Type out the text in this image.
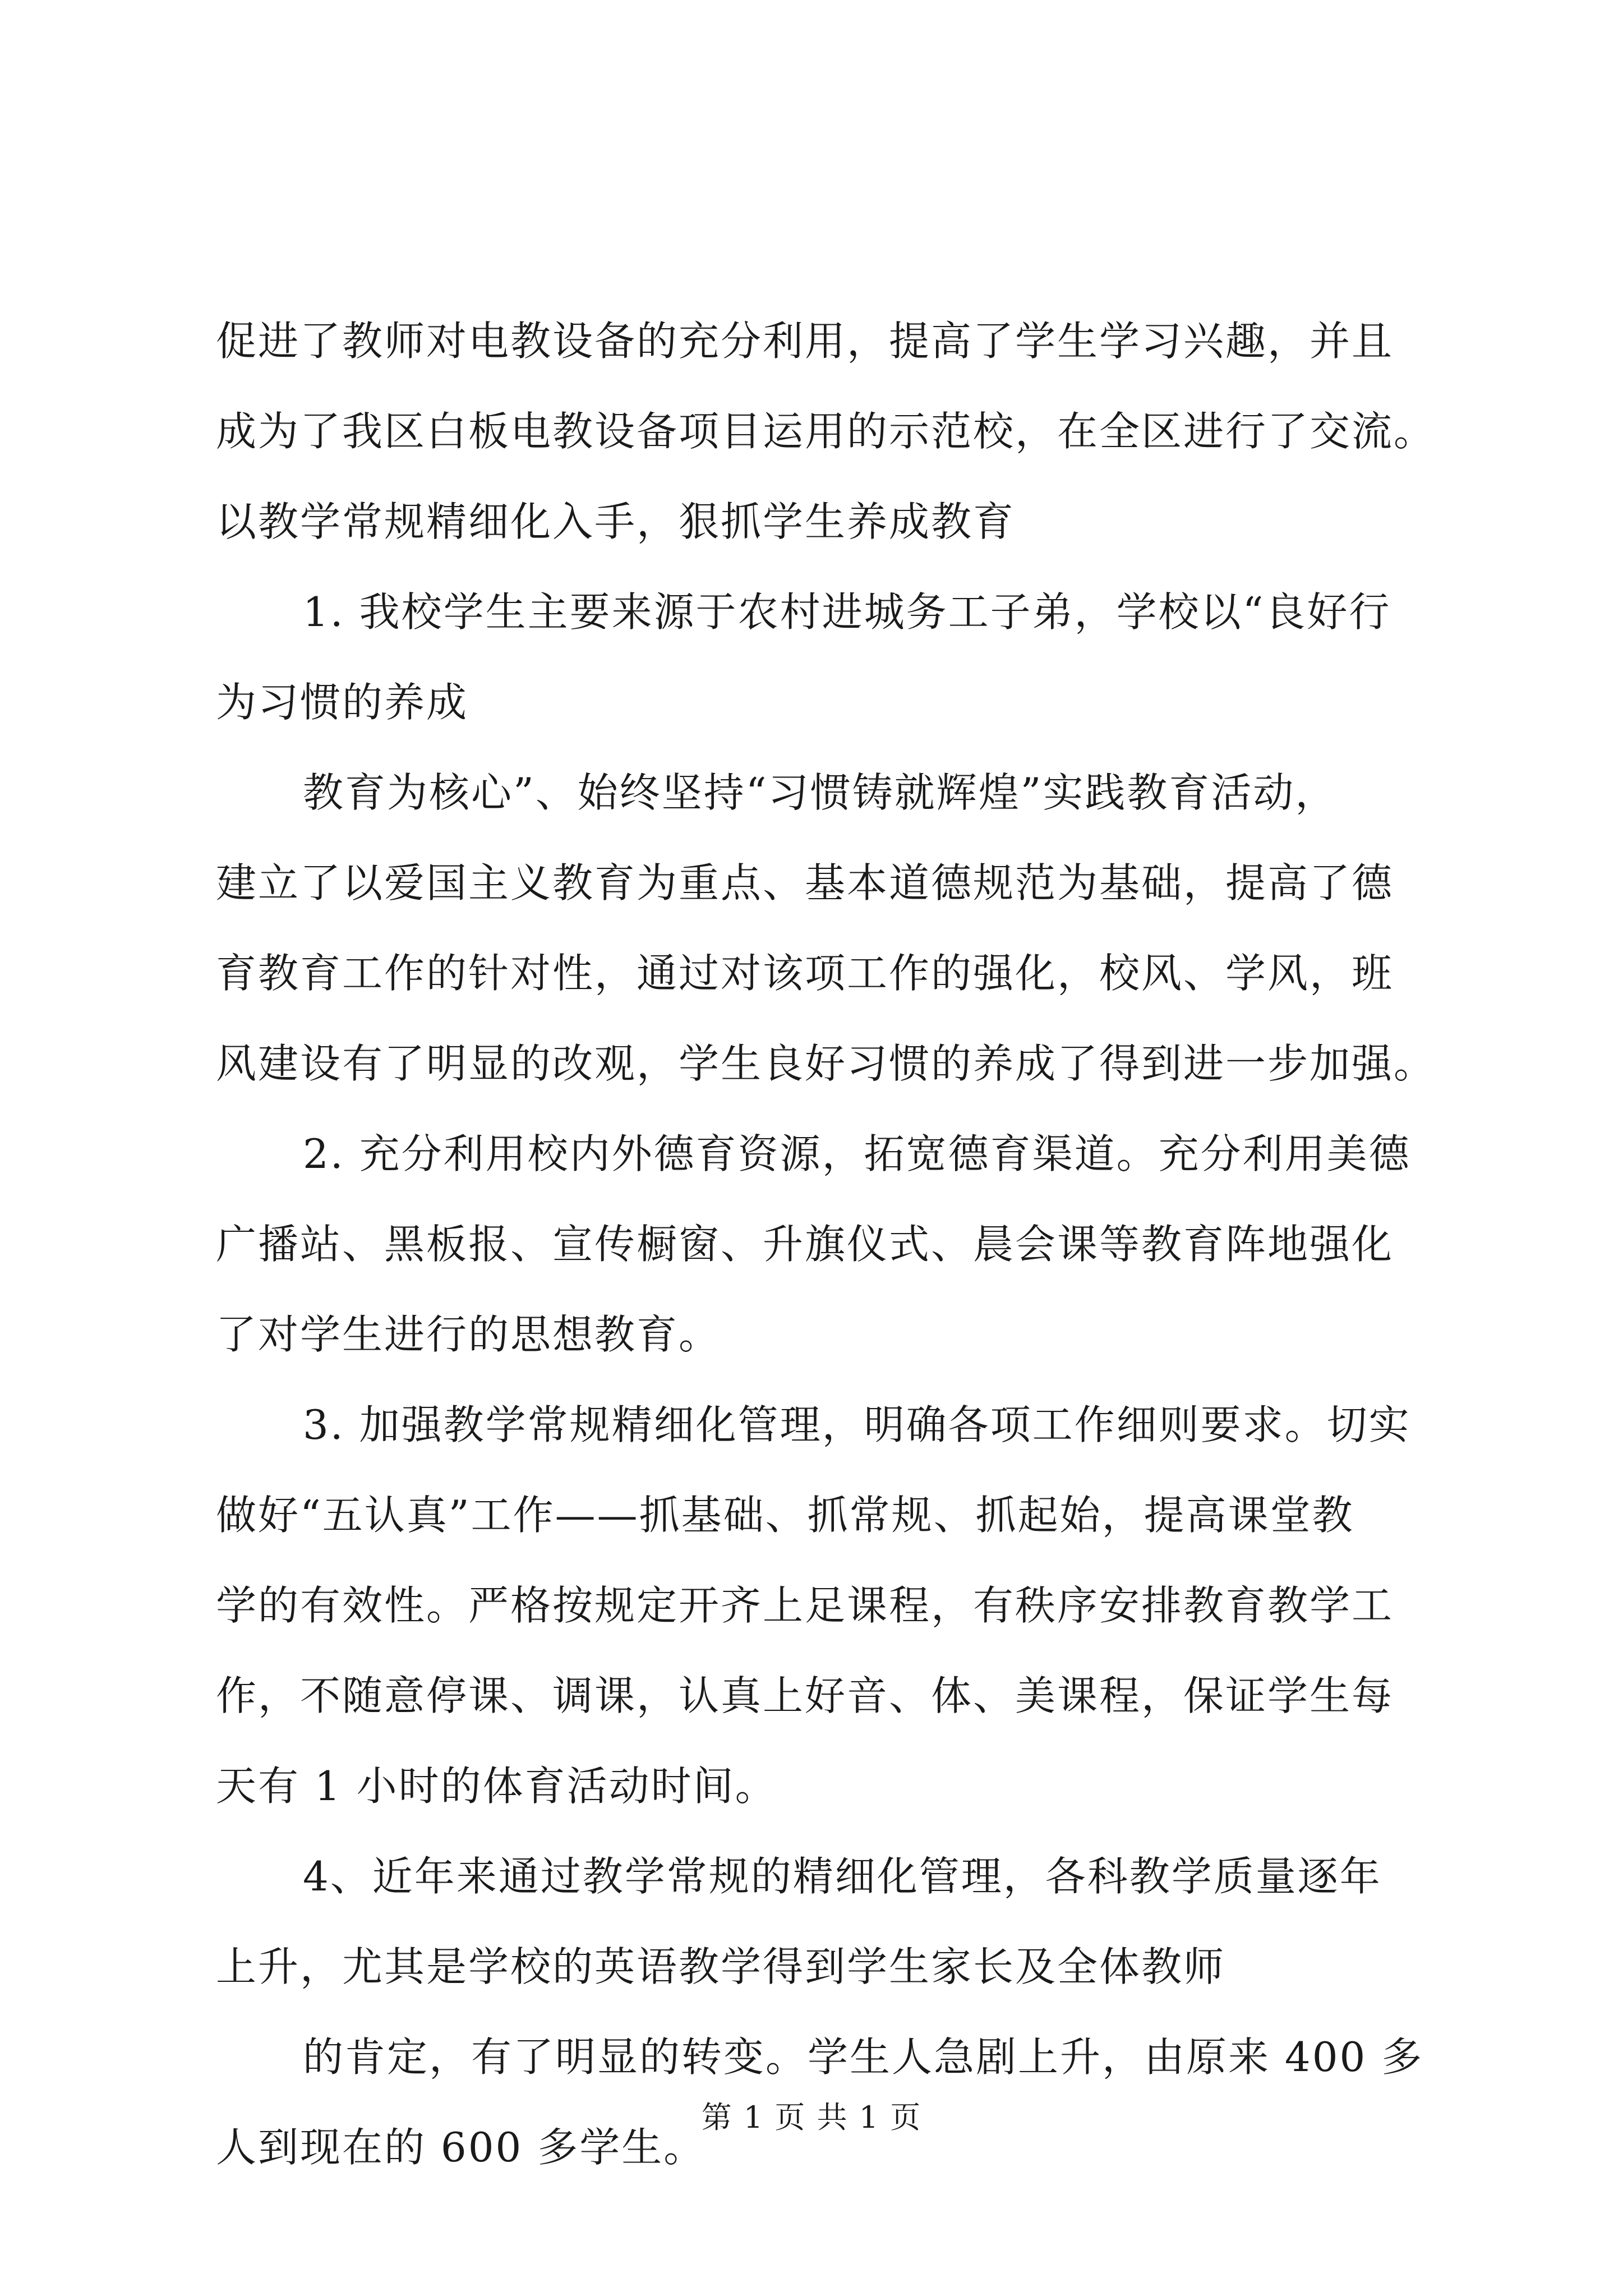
促进了教师对电教设备的充分利用，提高了学生学习兴趣，并且
成为了我区白板电教设备项目运用的示范校，在全区进行了交流。
以教学常规精细化入手，狠抓学生养成教育
1. 我校学生主要来源于农村进城务工子弟，学校以“良好行
为习惯的养成
教育为核心”、始终坚持“习惯铸就辉煌”实践教育活动，
建立了以爱国主义教育为重点、基本道德规范为基础，提高了德
育教育工作的针对性，通过对该项工作的强化，校风、学风，班
风建设有了明显的改观，学生良好习惯的养成了得到进一步加强。
2. 充分利用校内外德育资源，拓宽德育渠道。充分利用美德
广播站、黑板报、宣传橱窗、升旗仪式、晨会课等教育阵地强化
了对学生进行的思想教育。
3. 加强教学常规精细化管理，明确各项工作细则要求。切实
做好“五认真”工作——抓基础、抓常规、抓起始，提高课堂教
学的有效性。严格按规定开齐上足课程，有秩序安排教育教学工
作，不随意停课、调课，认真上好音、体、美课程，保证学生每
天有 1 小时的体育活动时间。
4、近年来通过教学常规的精细化管理，各科教学质量逐年
上升，尤其是学校的英语教学得到学生家长及全体教师
的肯定，有了明显的转变。学生人急剧上升，由原来 400 多
人到现在的 600 多学生。
第 1 页 共 1 页
